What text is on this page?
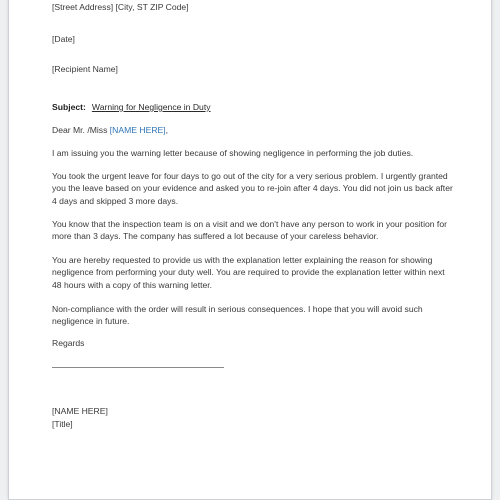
[Street Address] [City, ST ZIP Code]
[Date]
[Recipient Name]
Subject: Warning for Negligence in Duty
Dear Mr. /Miss [NAME HERE],
I am issuing you the warning letter because of showing negligence in performing the job duties.
You took the urgent leave for four days to go out of the city for a very serious problem. I urgently granted you the leave based on your evidence and asked you to re-join after 4 days. You did not join us back after 4 days and skipped 3 more days.
You know that the inspection team is on a visit and we don't have any person to work in your position for more than 3 days. The company has suffered a lot because of your careless behavior.
You are hereby requested to provide us with the explanation letter explaining the reason for showing negligence from performing your duty well. You are required to provide the explanation letter within next 48 hours with a copy of this warning letter.
Non-compliance with the order will result in serious consequences. I hope that you will avoid such negligence in future.
Regards
[NAME HERE]
[Title]
